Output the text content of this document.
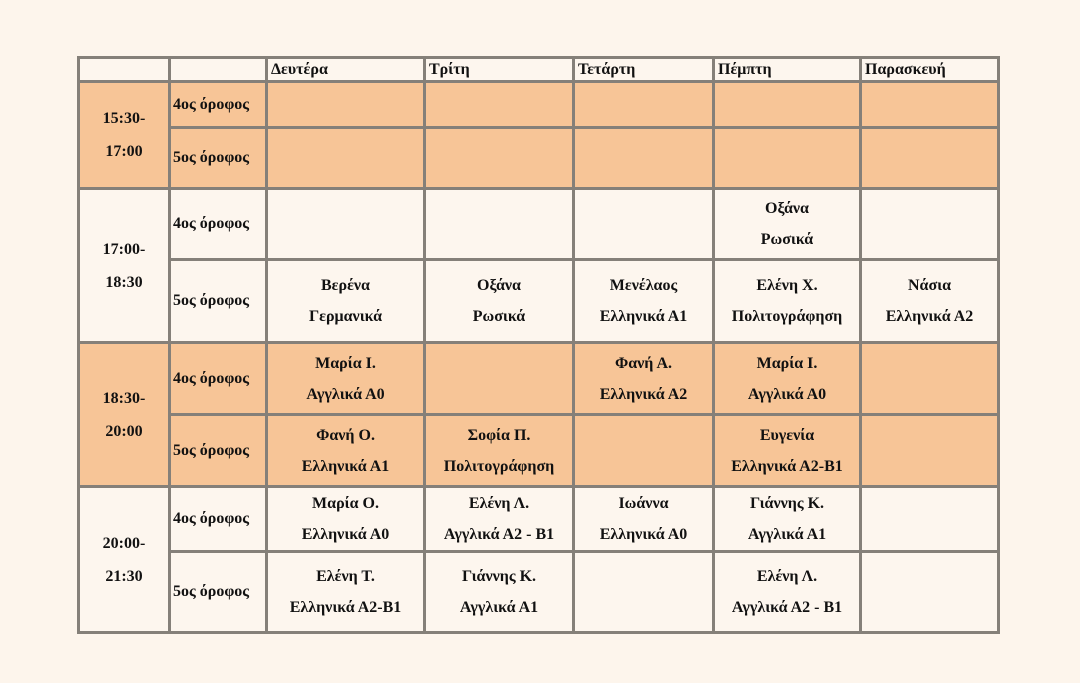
		Δευτέρα	Τρίτη	Τετάρτη	Πέμπτη	Παρασκευή
15:30-
17:00	4ος όροφος	

	5ος όροφος	

17:00-
18:30	4ος όροφος				Οξάνα
Ρωσικά	

	5ος όροφος	Βερένα
Γερμανικά	Οξάνα
Ρωσικά	Μενέλαος
Ελληνικά Α1	Ελένη Χ.
Πολιτογράφηση	Νάσια
Ελληνικά Α2

18:30-
20:00	4ος όροφος	Μαρία Ι.
Αγγλικά Α0		Φανή Α.
Ελληνικά Α2	Μαρία Ι.
Αγγλικά Α0	

	5ος όροφος	Φανή Ο.
Ελληνικά Α1	Σοφία Π.
Πολιτογράφηση		Ευγενία
Ελληνικά Α2-Β1	

20:00-
21:30	4ος όροφος	Μαρία Ο.
Ελληνικά Α0	Ελένη Λ.
Αγγλικά Α2 - Β1	Ιωάννα
Ελληνικά Α0	Γιάννης Κ.
Αγγλικά Α1	

	5ος όροφος	Ελένη Τ.
Ελληνικά Α2-Β1	Γιάννης Κ.
Αγγλικά Α1		Ελένη Λ.
Αγγλικά Α2 - Β1	
